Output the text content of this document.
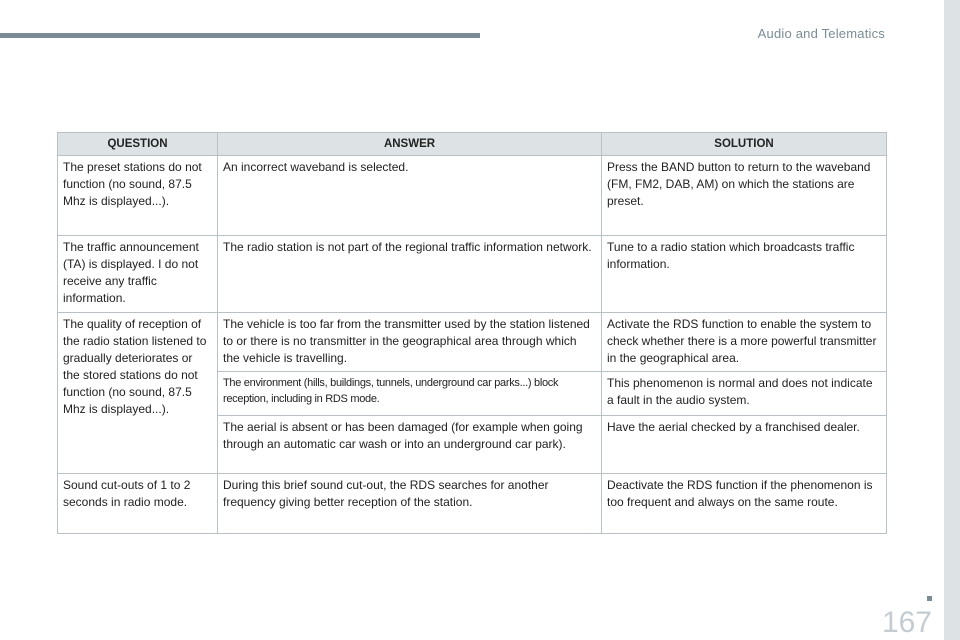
Audio and Telematics
QUESTION	ANSWER	SOLUTION
The preset stations do not function (no sound, 87.5 Mhz is displayed...).	An incorrect waveband is selected.	Press the BAND button to return to the waveband (FM, FM2, DAB, AM) on which the stations are preset.
The traffic announcement (TA) is displayed. I do not receive any traffic information.	The radio station is not part of the regional traffic information network.	Tune to a radio station which broadcasts traffic information.
The quality of reception of the radio station listened to gradually deteriorates or the stored stations do not function (no sound, 87.5 Mhz is displayed...).	The vehicle is too far from the transmitter used by the station listened to or there is no transmitter in the geographical area through which the vehicle is travelling.	Activate the RDS function to enable the system to check whether there is a more powerful transmitter in the geographical area.
	The environment (hills, buildings, tunnels, underground car parks...) block reception, including in RDS mode.	This phenomenon is normal and does not indicate a fault in the audio system.
	The aerial is absent or has been damaged (for example when going through an automatic car wash or into an underground car park).	Have the aerial checked by a franchised dealer.
Sound cut-outs of 1 to 2 seconds in radio mode.	During this brief sound cut-out, the RDS searches for another frequency giving better reception of the station.	Deactivate the RDS function if the phenomenon is too frequent and always on the same route.
167
